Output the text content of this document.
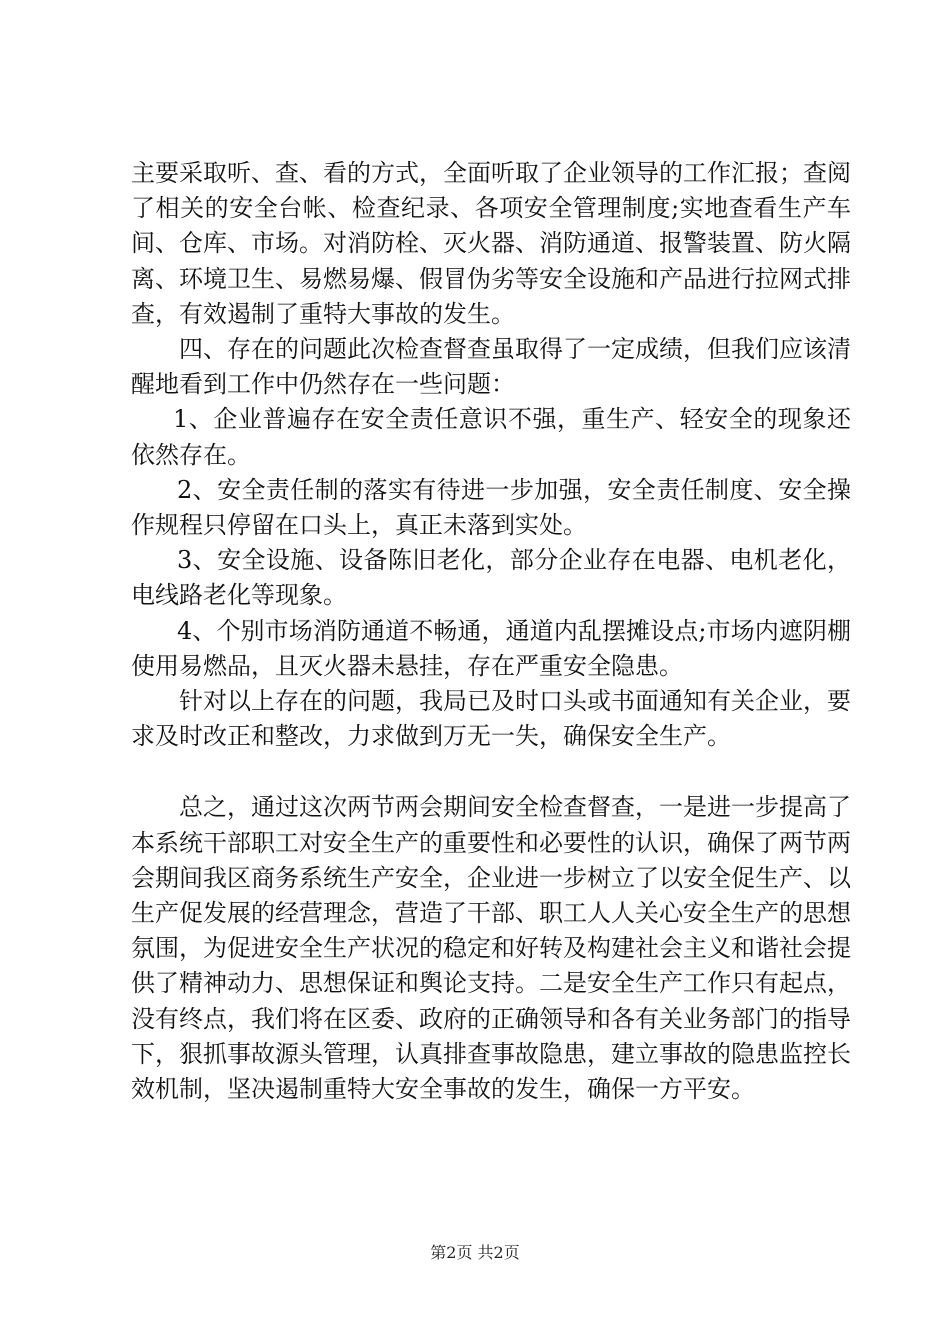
主要采取听、查、看的方式，全面听取了企业领导的工作汇报；查阅了相关的安全台帐、检查纪录、各项安全管理制度;实地查看生产车间、仓库、市场。对消防栓、灭火器、消防通道、报警装置、防火隔离、环境卫生、易燃易爆、假冒伪劣等安全设施和产品进行拉网式排查，有效遏制了重特大事故的发生。

四、存在的问题此次检查督查虽取得了一定成绩，但我们应该清醒地看到工作中仍然存在一些问题：

1、企业普遍存在安全责任意识不强，重生产、轻安全的现象还依然存在。

2、安全责任制的落实有待进一步加强，安全责任制度、安全操作规程只停留在口头上，真正未落到实处。

3、安全设施、设备陈旧老化，部分企业存在电器、电机老化，电线路老化等现象。

4、个别市场消防通道不畅通，通道内乱摆摊设点;市场内遮阴棚使用易燃品，且灭火器未悬挂，存在严重安全隐患。

针对以上存在的问题，我局已及时口头或书面通知有关企业，要求及时改正和整改，力求做到万无一失，确保安全生产。

总之，通过这次两节两会期间安全检查督查，一是进一步提高了本系统干部职工对安全生产的重要性和必要性的认识，确保了两节两会期间我区商务系统生产安全，企业进一步树立了以安全促生产、以生产促发展的经营理念，营造了干部、职工人人关心安全生产的思想氛围，为促进安全生产状况的稳定和好转及构建社会主义和谐社会提供了精神动力、思想保证和舆论支持。二是安全生产工作只有起点，没有终点，我们将在区委、政府的正确领导和各有关业务部门的指导下，狠抓事故源头管理，认真排查事故隐患，建立事故的隐患监控长效机制，坚决遏制重特大安全事故的发生，确保一方平安。

第2页 共2页
